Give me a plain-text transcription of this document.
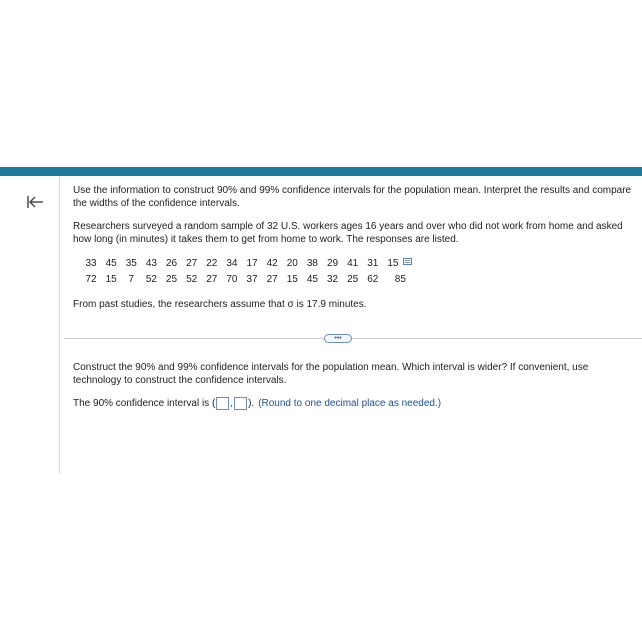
Use the information to construct 90% and 99% confidence intervals for the population mean. Interpret the results and compare the widths of the confidence intervals.

Researchers surveyed a random sample of 32 U.S. workers ages 16 years and over who did not work from home and asked how long (in minutes) it takes them to get from home to work. The responses are listed.

33	45	35	43	26	27	22	34	17	42	20	38	29	41	31	15
72	15	7	52	25	52	27	70	37	27	15	45	32	25	62	85

From past studies, the researchers assume that σ is 17.9 minutes.

•••

Construct the 90% and 99% confidence intervals for the population mean. Which interval is wider? If convenient, use technology to construct the confidence intervals.

The 90% confidence interval is ( , ). (Round to one decimal place as needed.)
